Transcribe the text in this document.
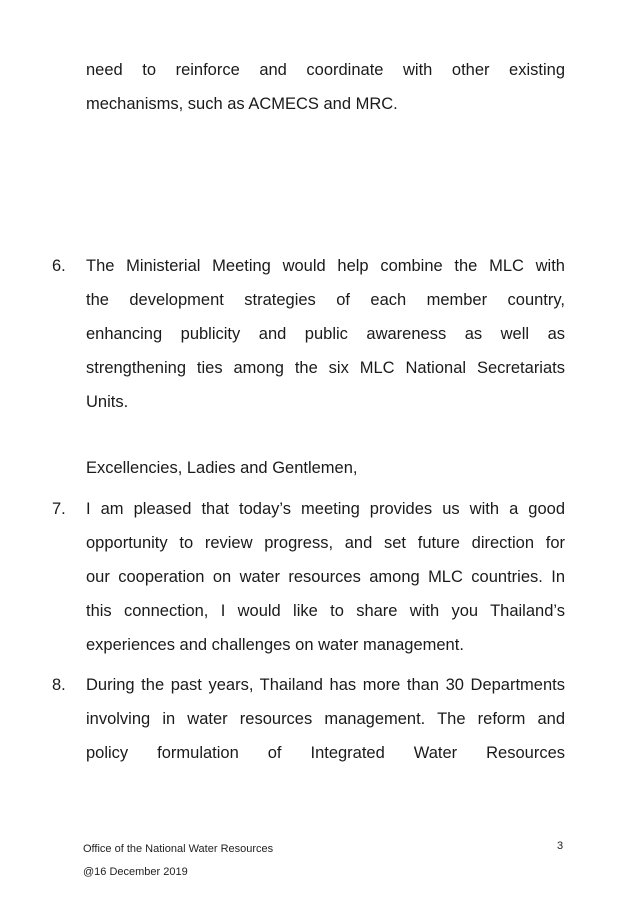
need to reinforce and coordinate with other existing
mechanisms, such as ACMECS and MRC.
6. The Ministerial Meeting would help combine the MLC with
the development strategies of each member country,
enhancing publicity and public awareness as well as
strengthening ties among the six MLC National Secretariats
Units.
Excellencies, Ladies and Gentlemen,
7. I am pleased that today’s meeting provides us with a good
opportunity to review progress, and set future direction for
our cooperation on water resources among MLC countries. In
this connection, I would like to share with you Thailand’s
experiences and challenges on water management.
8. During the past years, Thailand has more than 30 Departments
involving in water resources management. The reform and
policy formulation of Integrated Water Resources
Office of the National Water Resources
@16 December 2019
3
